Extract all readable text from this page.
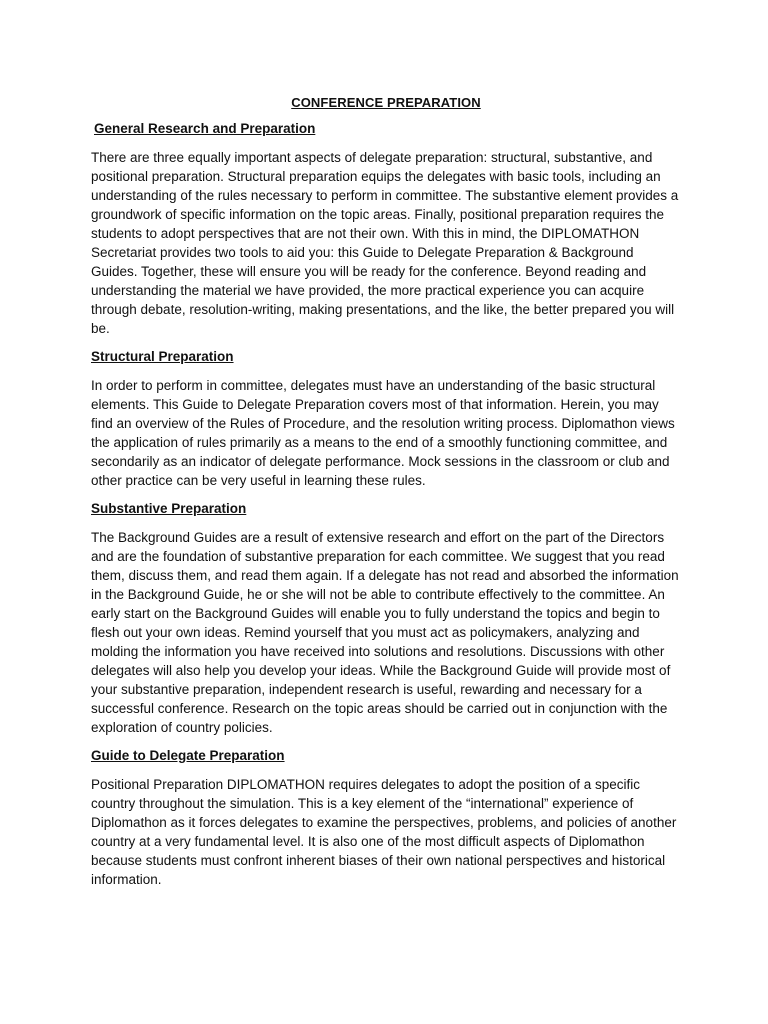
CONFERENCE PREPARATION
General Research and Preparation

There are three equally important aspects of delegate preparation: structural, substantive, and positional preparation. Structural preparation equips the delegates with basic tools, including an understanding of the rules necessary to perform in committee. The substantive element provides a groundwork of specific information on the topic areas. Finally, positional preparation requires the students to adopt perspectives that are not their own. With this in mind, the DIPLOMATHON Secretariat provides two tools to aid you: this Guide to Delegate Preparation & Background Guides. Together, these will ensure you will be ready for the conference. Beyond reading and understanding the material we have provided, the more practical experience you can acquire through debate, resolution-writing, making presentations, and the like, the better prepared you will be.

Structural Preparation

In order to perform in committee, delegates must have an understanding of the basic structural elements. This Guide to Delegate Preparation covers most of that information. Herein, you may find an overview of the Rules of Procedure, and the resolution writing process. Diplomathon views the application of rules primarily as a means to the end of a smoothly functioning committee, and secondarily as an indicator of delegate performance. Mock sessions in the classroom or club and other practice can be very useful in learning these rules.

Substantive Preparation

The Background Guides are a result of extensive research and effort on the part of the Directors and are the foundation of substantive preparation for each committee. We suggest that you read them, discuss them, and read them again. If a delegate has not read and absorbed the information in the Background Guide, he or she will not be able to contribute effectively to the committee. An early start on the Background Guides will enable you to fully understand the topics and begin to flesh out your own ideas. Remind yourself that you must act as policymakers, analyzing and molding the information you have received into solutions and resolutions. Discussions with other delegates will also help you develop your ideas. While the Background Guide will provide most of your substantive preparation, independent research is useful, rewarding and necessary for a successful conference. Research on the topic areas should be carried out in conjunction with the exploration of country policies.

Guide to Delegate Preparation

Positional Preparation DIPLOMATHON requires delegates to adopt the position of a specific country throughout the simulation. This is a key element of the “international” experience of Diplomathon as it forces delegates to examine the perspectives, problems, and policies of another country at a very fundamental level. It is also one of the most difficult aspects of Diplomathon because students must confront inherent biases of their own national perspectives and historical information.
